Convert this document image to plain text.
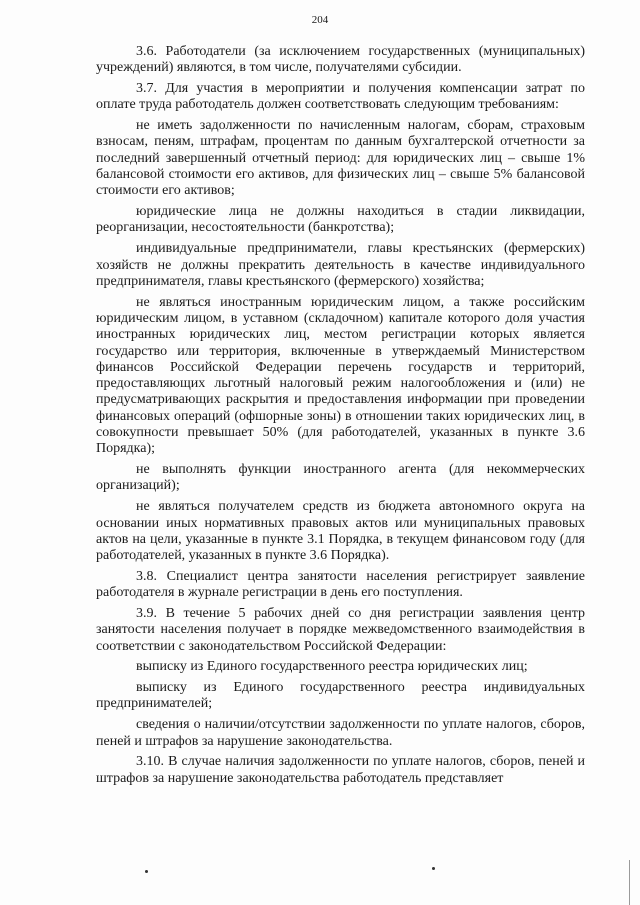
204

3.6. Работодатели (за исключением государственных (муниципальных) учреждений) являются, в том числе, получателями субсидии.

3.7. Для участия в мероприятии и получения компенсации затрат по оплате труда работодатель должен соответствовать следующим требованиям:

не иметь задолженности по начисленным налогам, сборам, страховым взносам, пеням, штрафам, процентам по данным бухгалтерской отчетности за последний завершенный отчетный период: для юридических лиц – свыше 1% балансовой стоимости его активов, для физических лиц – свыше 5% балансовой стоимости его активов;

юридические лица не должны находиться в стадии ликвидации, реорганизации, несостоятельности (банкротства);

индивидуальные предприниматели, главы крестьянских (фермерских) хозяйств не должны прекратить деятельность в качестве индивидуального предпринимателя, главы крестьянского (фермерского) хозяйства;

не являться иностранным юридическим лицом, а также российским юридическим лицом, в уставном (складочном) капитале которого доля участия иностранных юридических лиц, местом регистрации которых является государство или территория, включенные в утверждаемый Министерством финансов Российской Федерации перечень государств и территорий, предоставляющих льготный налоговый режим налогообложения и (или) не предусматривающих раскрытия и предоставления информации при проведении финансовых операций (офшорные зоны) в отношении таких юридических лиц, в совокупности превышает 50% (для работодателей, указанных в пункте 3.6 Порядка);

не выполнять функции иностранного агента (для некоммерческих организаций);

не являться получателем средств из бюджета автономного округа на основании иных нормативных правовых актов или муниципальных правовых актов на цели, указанные в пункте 3.1 Порядка, в текущем финансовом году (для работодателей, указанных в пункте 3.6 Порядка).

3.8. Специалист центра занятости населения регистрирует заявление работодателя в журнале регистрации в день его поступления.

3.9. В течение 5 рабочих дней со дня регистрации заявления центр занятости населения получает в порядке межведомственного взаимодействия в соответствии с законодательством Российской Федерации:

выписку из Единого государственного реестра юридических лиц;

выписку из Единого государственного реестра индивидуальных предпринимателей;

сведения о наличии/отсутствии задолженности по уплате налогов, сборов, пеней и штрафов за нарушение законодательства.

3.10. В случае наличия задолженности по уплате налогов, сборов, пеней и штрафов за нарушение законодательства работодатель представляет
